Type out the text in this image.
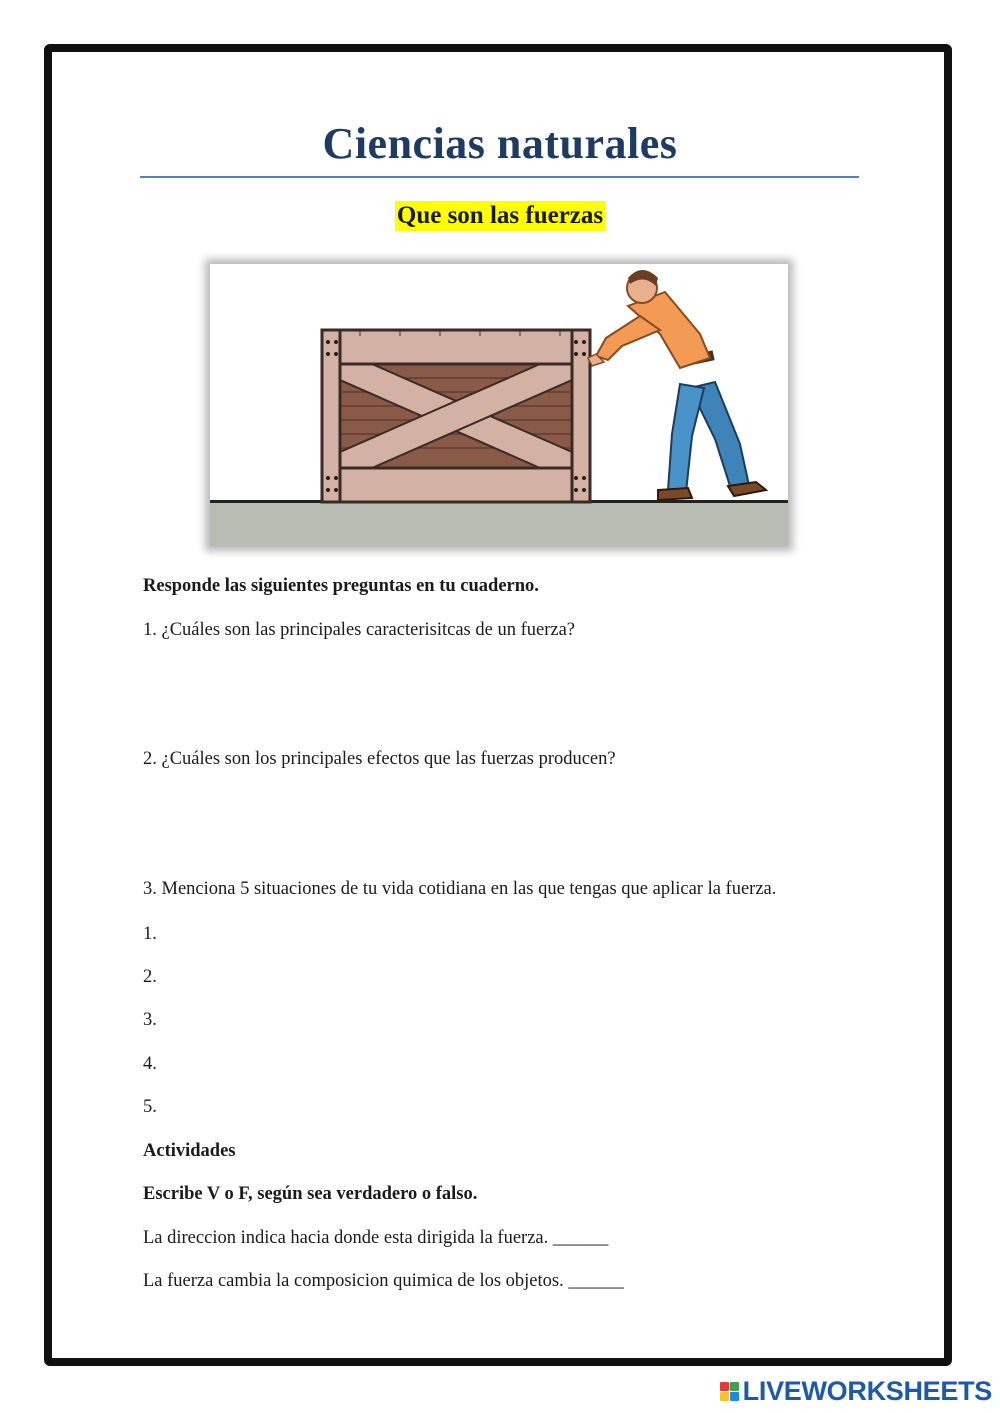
Ciencias naturales
Que son las fuerzas
Responde las siguientes preguntas en tu cuaderno.
1. ¿Cuáles son las principales caracterisitcas de un fuerza?
2. ¿Cuáles son los principales efectos que las fuerzas producen?
3. Menciona 5 situaciones de tu vida cotidiana en las que tengas que aplicar la fuerza.
1.
2.
3.
4.
5.
Actividades
Escribe V o F, según sea verdadero o falso.
La direccion indica hacia donde esta dirigida la fuerza. ______
La fuerza cambia la composicion quimica de los objetos. ______
LIVEWORKSHEETS
